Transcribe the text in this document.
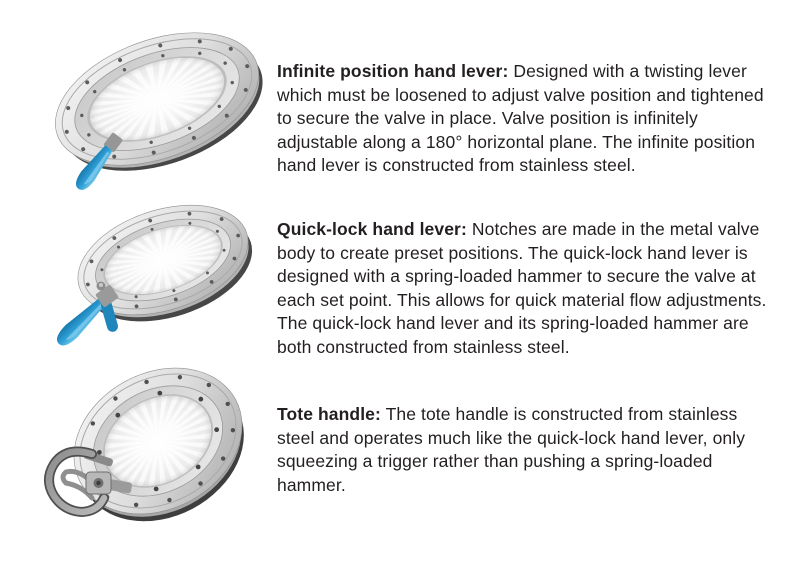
Infinite position hand lever: Designed with a twisting lever which must be loosened to adjust valve position and tightened to secure the valve in place. Valve position is infinitely adjustable along a 180° horizontal plane. The infinite position hand lever is constructed from stainless steel.

Quick-lock hand lever: Notches are made in the metal valve body to create preset positions. The quick-lock hand lever is designed with a spring-loaded hammer to secure the valve at each set point. This allows for quick material flow adjustments. The quick-lock hand lever and its spring-loaded hammer are both constructed from stainless steel.

Tote handle: The tote handle is constructed from stainless steel and operates much like the quick-lock hand lever, only squeezing a trigger rather than pushing a spring-loaded hammer.
